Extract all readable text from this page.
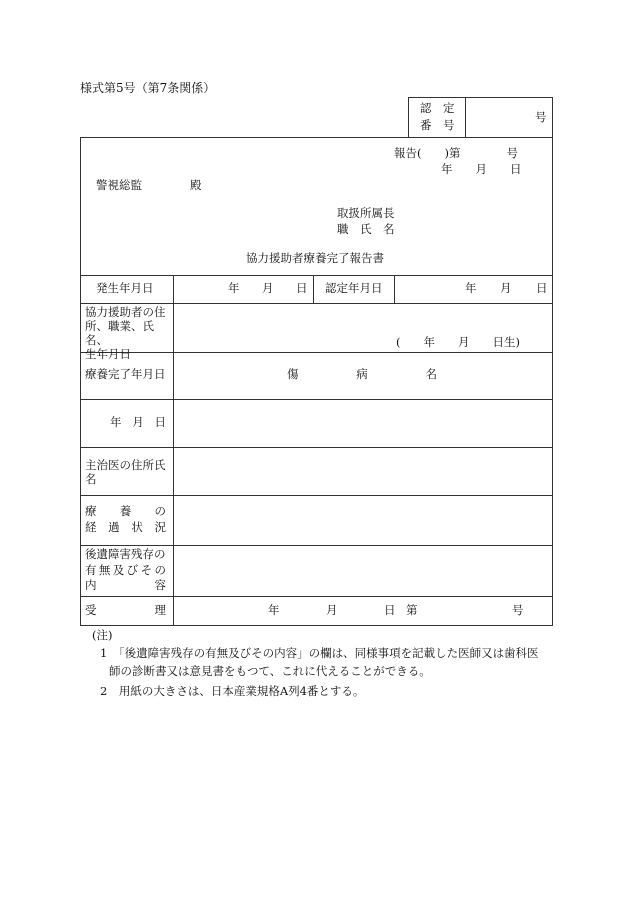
様式第5号（第7条関係）
認　定
番　号
号
報告(　　)第　　　　号
年　　月　　日
警視総監	殿
取扱所属長
職　氏　名
協力援助者療養完了報告書
発生年月日	年 月 日 認定年月日	年 月 日
協力援助者の住
所、職業、氏名、
生年月日
(　　年　　月　　日生)
療養完了年月日	傷	病	名
年 月 日
主治医の住所氏
名
療 養 の
経 過 状 況
後遺障害残存の
有 無 及 び そ の
内	容
受	理	年	月	日 第	号
(注)
1　「後遺障害残存の有無及びその内容」の欄は、同様事項を記載した医師又は歯科医
師の診断書又は意見書をもつて、これに代えることができる。
2　用紙の大きさは、日本産業規格A列4番とする。
